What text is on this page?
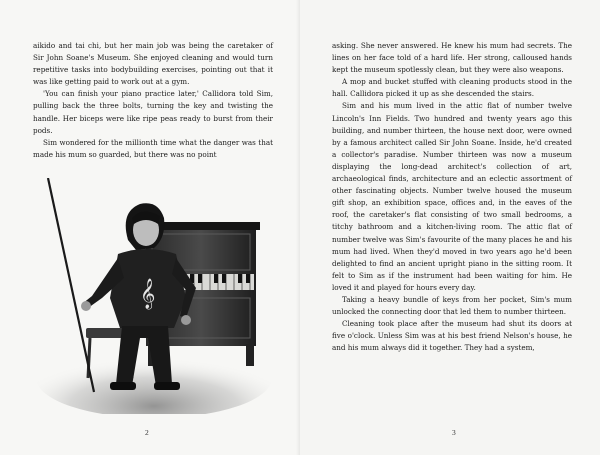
aikido and tai chi, but her main job was being the caretaker of Sir John Soane's Museum. She enjoyed cleaning and would turn repetitive tasks into bodybuilding exercises, pointing out that it was like getting paid to work out at a gym.

'You can finish your piano practice later,' Callidora told Sim, pulling back the three bolts, turning the key and twisting the handle. Her biceps were like ripe peas ready to burst from their pods.

Sim wondered for the millionth time what the danger was that made his mum so guarded, but there was no point

𝄞
2

asking. She never answered. He knew his mum had secrets. The lines on her face told of a hard life. Her strong, calloused hands kept the museum spotlessly clean, but they were also weapons.

A mop and bucket stuffed with cleaning products stood in the hall. Callidora picked it up as she descended the stairs.

Sim and his mum lived in the attic flat of number twelve Lincoln's Inn Fields. Two hundred and twenty years ago this building, and number thirteen, the house next door, were owned by a famous architect called Sir John Soane. Inside, he'd created a collector's paradise. Number thirteen was now a museum displaying the long-dead architect's collection of art, archaeological finds, architecture and an eclectic assortment of other fascinating objects. Number twelve housed the museum gift shop, an exhibition space, offices and, in the eaves of the roof, the caretaker's flat consisting of two small bedrooms, a titchy bathroom and a kitchen-living room. The attic flat of number twelve was Sim's favourite of the many places he and his mum had lived. When they'd moved in two years ago he'd been delighted to find an ancient upright piano in the sitting room. It felt to Sim as if the instrument had been waiting for him. He loved it and played for hours every day.

Taking a heavy bundle of keys from her pocket, Sim's mum unlocked the connecting door that led them to number thirteen.

Cleaning took place after the museum had shut its doors at five o'clock. Unless Sim was at his best friend Nelson's house, he and his mum always did it together. They had a system,

3
